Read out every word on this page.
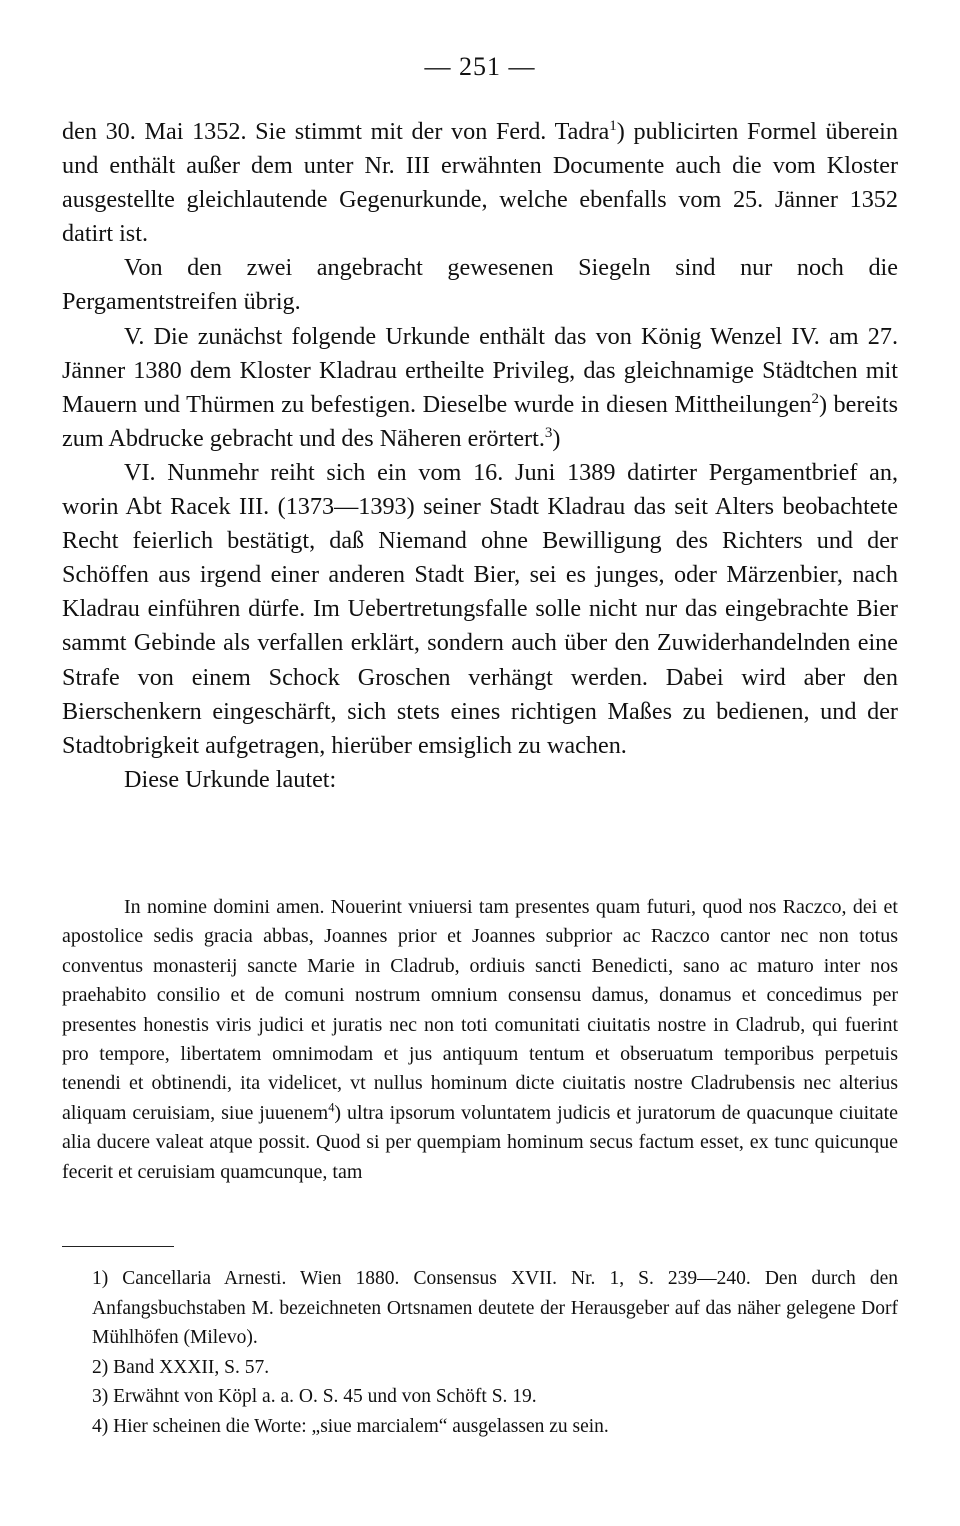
— 251 —

den 30. Mai 1352. Sie stimmt mit der von Ferd. Tadra$^1$) publicirten Formel überein und enthält außer dem unter Nr. III erwähnten Documente auch die vom Kloster ausgestellte gleichlautende Gegenurkunde, welche ebenfalls vom 25. Jänner 1352 datirt ist.

Von den zwei angebracht gewesenen Siegeln sind nur noch die Pergamentstreifen übrig.

V. Die zunächst folgende Urkunde enthält das von König Wenzel IV. am 27. Jänner 1380 dem Kloster Kladrau ertheilte Privileg, das gleichnamige Städtchen mit Mauern und Thürmen zu befestigen. Dieselbe wurde in diesen Mittheilungen$^2$) bereits zum Abdrucke gebracht und des Näheren erörtert.$^3$)

VI. Nunmehr reiht sich ein vom 16. Juni 1389 datirter Pergamentbrief an, worin Abt Racek III. (1373—1393) seiner Stadt Kladrau das seit Alters beobachtete Recht feierlich bestätigt, daß Niemand ohne Bewilligung des Richters und der Schöffen aus irgend einer anderen Stadt Bier, sei es junges, oder Märzenbier, nach Kladrau einführen dürfe. Im Uebertretungsfalle solle nicht nur das eingebrachte Bier sammt Gebinde als verfallen erklärt, sondern auch über den Zuwiderhandelnden eine Strafe von einem Schock Groschen verhängt werden. Dabei wird aber den Bierschenkern eingeschärft, sich stets eines richtigen Maßes zu bedienen, und der Stadtobrigkeit aufgetragen, hierüber emsiglich zu wachen.

Diese Urkunde lautet:

In nomine domini amen. Nouerint vniuersi tam presentes quam futuri, quod nos Raczco, dei et apostolice sedis gracia abbas, Joannes prior et Joannes subprior ac Raczco cantor nec non totus conventus monasterij sancte Marie in Cladrub, ordiuis sancti Benedicti, sano ac maturo inter nos praehabito consilio et de comuni nostrum omnium consensu damus, donamus et concedimus per presentes honestis viris judici et juratis nec non toti comunitati ciuitatis nostre in Cladrub, qui fuerint pro tempore, libertatem omnimodam et jus antiquum tentum et obseruatum temporibus perpetuis tenendi et obtinendi, ita videlicet, vt nullus hominum dicte ciuitatis nostre Cladrubensis nec alterius aliquam ceruisiam, siue juuenem$^4$) ultra ipsorum voluntatem judicis et juratorum de quacunque ciuitate alia ducere valeat atque possit. Quod si per quempiam hominum secus factum esset, ex tunc quicunque fecerit et ceruisiam quamcunque, tam

1) Cancellaria Arnesti. Wien 1880. Consensus XVII. Nr. 1, S. 239—240. Den durch den Anfangsbuchstaben M. bezeichneten Ortsnamen deutete der Herausgeber auf das näher gelegene Dorf Mühlhöfen (Milevo).

2) Band XXXII, S. 57.

3) Erwähnt von Köpl a. a. O. S. 45 und von Schöft S. 19.

4) Hier scheinen die Worte: „siue marcialem“ ausgelassen zu sein.
